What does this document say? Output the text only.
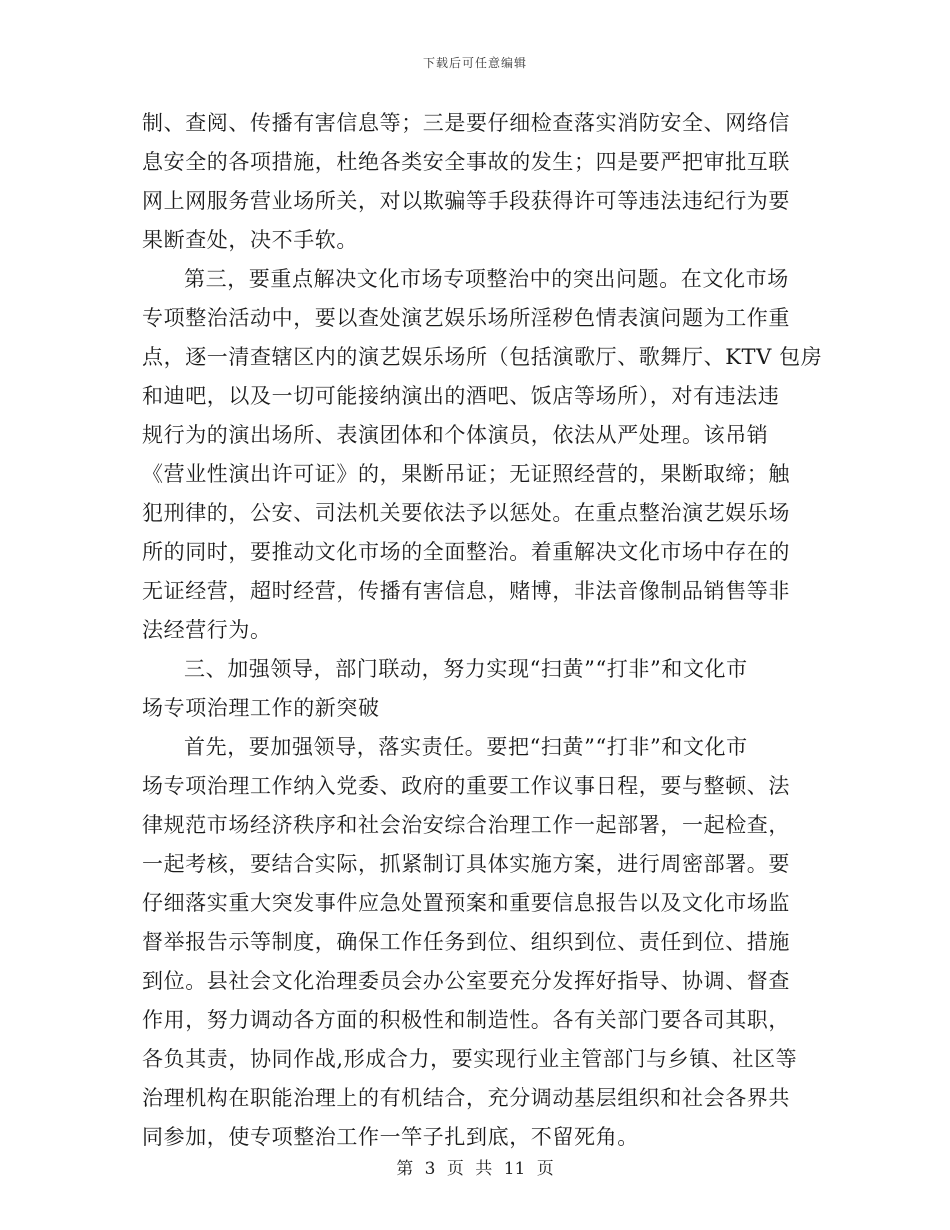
下载后可任意编辑
制、查阅、传播有害信息等；三是要仔细检查落实消防安全、网络信
息安全的各项措施，杜绝各类安全事故的发生；四是要严把审批互联
网上网服务营业场所关，对以欺骗等手段获得许可等违法违纪行为要
果断查处，决不手软。
第三，要重点解决文化市场专项整治中的突出问题。在文化市场
专项整治活动中，要以查处演艺娱乐场所淫秽色情表演问题为工作重
点，逐一清查辖区内的演艺娱乐场所（包括演歌厅、歌舞厅、KTV 包房
和迪吧，以及一切可能接纳演出的酒吧、饭店等场所），对有违法违
规行为的演出场所、表演团体和个体演员，依法从严处理。该吊销
《营业性演出许可证》的，果断吊证；无证照经营的，果断取缔；触
犯刑律的，公安、司法机关要依法予以惩处。在重点整治演艺娱乐场
所的同时，要推动文化市场的全面整治。着重解决文化市场中存在的
无证经营，超时经营，传播有害信息，赌博，非法音像制品销售等非
法经营行为。
三、加强领导，部门联动，努力实现“扫黄”“打非”和文化市
场专项治理工作的新突破
首先，要加强领导，落实责任。要把“扫黄”“打非”和文化市
场专项治理工作纳入党委、政府的重要工作议事日程，要与整顿、法
律规范市场经济秩序和社会治安综合治理工作一起部署，一起检查，
一起考核，要结合实际，抓紧制订具体实施方案，进行周密部署。要
仔细落实重大突发事件应急处置预案和重要信息报告以及文化市场监
督举报告示等制度，确保工作任务到位、组织到位、责任到位、措施
到位。县社会文化治理委员会办公室要充分发挥好指导、协调、督查
作用，努力调动各方面的积极性和制造性。各有关部门要各司其职，
各负其责，协同作战,形成合力，要实现行业主管部门与乡镇、社区等
治理机构在职能治理上的有机结合，充分调动基层组织和社会各界共
同参加，使专项整治工作一竿子扎到底，不留死角。
第 3 页 共 11 页
